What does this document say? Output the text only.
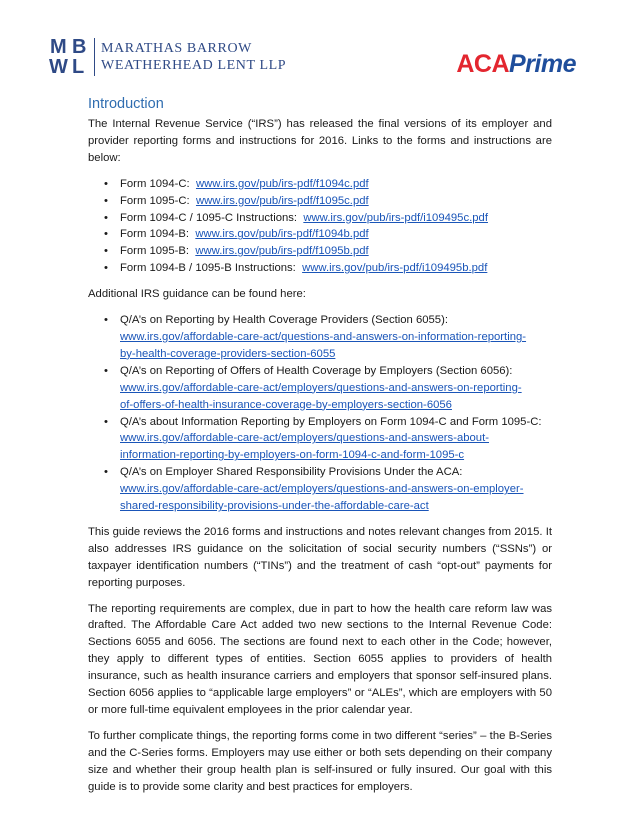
M B
W L
MARATHAS BARROW
WEATHERHEAD LENT LLP	ACAPrime
Introduction

The Internal Revenue Service (“IRS”) has released the final versions of its employer and provider reporting forms and instructions for 2016. Links to the forms and instructions are below:

• Form 1094-C: www.irs.gov/pub/irs-pdf/f1094c.pdf
• Form 1095-C: www.irs.gov/pub/irs-pdf/f1095c.pdf
• Form 1094-C / 1095-C Instructions: www.irs.gov/pub/irs-pdf/i109495c.pdf
• Form 1094-B: www.irs.gov/pub/irs-pdf/f1094b.pdf
• Form 1095-B: www.irs.gov/pub/irs-pdf/f1095b.pdf
• Form 1094-B / 1095-B Instructions: www.irs.gov/pub/irs-pdf/i109495b.pdf

Additional IRS guidance can be found here:

• Q/A’s on Reporting by Health Coverage Providers (Section 6055):

www.irs.gov/affordable-care-act/questions-and-answers-on-information-reporting-
by-health-coverage-providers-section-6055
• Q/A’s on Reporting of Offers of Health Coverage by Employers (Section 6056):

www.irs.gov/affordable-care-act/employers/questions-and-answers-on-reporting-
of-offers-of-health-insurance-coverage-by-employers-section-6056
• Q/A’s about Information Reporting by Employers on Form 1094-C and Form 1095-C:

www.irs.gov/affordable-care-act/employers/questions-and-answers-about-
information-reporting-by-employers-on-form-1094-c-and-form-1095-c
• Q/A’s on Employer Shared Responsibility Provisions Under the ACA:

www.irs.gov/affordable-care-act/employers/questions-and-answers-on-employer-
shared-responsibility-provisions-under-the-affordable-care-act

This guide reviews the 2016 forms and instructions and notes relevant changes from 2015. It also addresses IRS guidance on the solicitation of social security numbers (“SSNs”) or taxpayer identification numbers (“TINs”) and the treatment of cash “opt-out” payments for reporting purposes.

The reporting requirements are complex, due in part to how the health care reform law was drafted. The Affordable Care Act added two new sections to the Internal Revenue Code: Sections 6055 and 6056. The sections are found next to each other in the Code; however, they apply to different types of entities. Section 6055 applies to providers of health insurance, such as health insurance carriers and employers that sponsor self-insured plans. Section 6056 applies to “applicable large employers” or “ALEs”, which are employers with 50 or more full-time equivalent employees in the prior calendar year.

To further complicate things, the reporting forms come in two different “series” – the B-Series and the C-Series forms. Employers may use either or both sets depending on their company size and whether their group health plan is self-insured or fully insured. Our goal with this guide is to provide some clarity and best practices for employers.
